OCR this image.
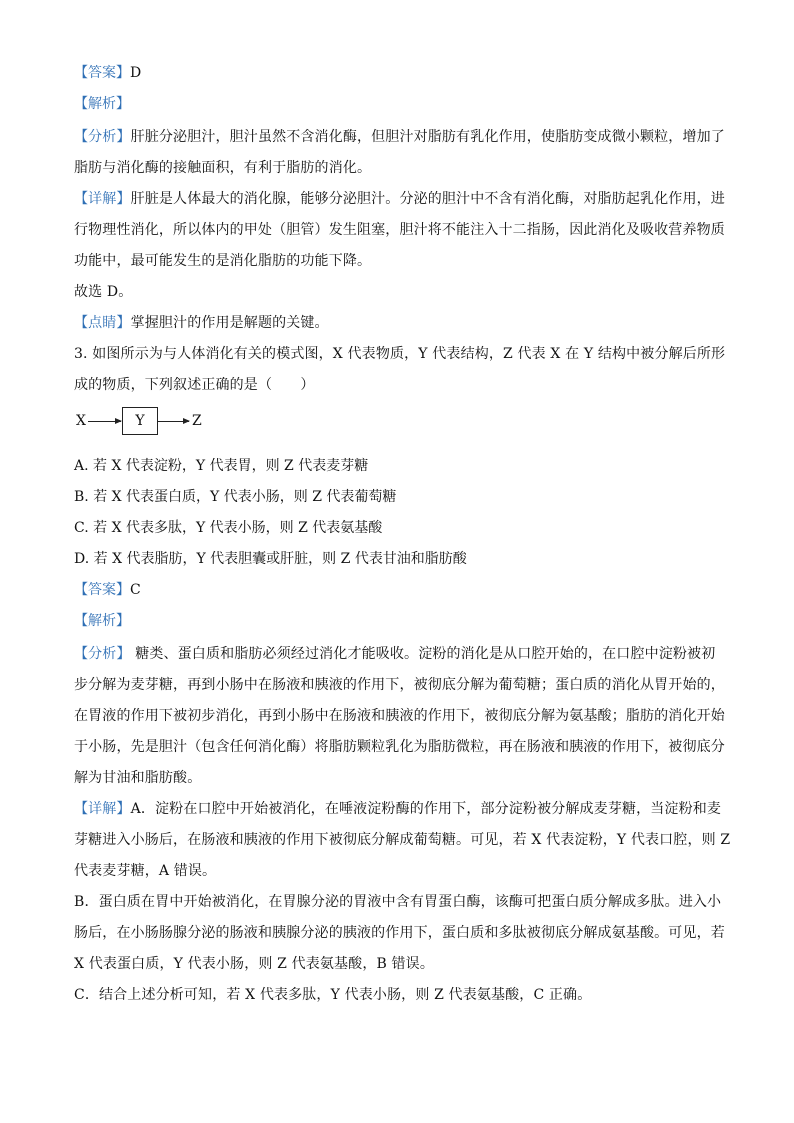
【答案】D
【解析】
【分析】肝脏分泌胆汁，胆汁虽然不含消化酶，但胆汁对脂肪有乳化作用，使脂肪变成微小颗粒，增加了
脂肪与消化酶的接触面积，有利于脂肪的消化。
【详解】肝脏是人体最大的消化腺，能够分泌胆汁。分泌的胆汁中不含有消化酶，对脂肪起乳化作用，进
行物理性消化，所以体内的甲处（胆管）发生阻塞，胆汁将不能注入十二指肠，因此消化及吸收营养物质
功能中，最可能发生的是消化脂肪的功能下降。
故选 D。
【点睛】掌握胆汁的作用是解题的关键。
3. 如图所示为与人体消化有关的模式图，X 代表物质，Y 代表结构，Z 代表 X 在 Y 结构中被分解后所形
成的物质，下列叙述正确的是（　　）
X	Y	Z
A. 若 X 代表淀粉，Y 代表胃，则 Z 代表麦芽糖
B. 若 X 代表蛋白质，Y 代表小肠，则 Z 代表葡萄糖
C. 若 X 代表多肽，Y 代表小肠，则 Z 代表氨基酸
D. 若 X 代表脂肪，Y 代表胆囊或肝脏，则 Z 代表甘油和脂肪酸
【答案】C
【解析】
【分析】 糖类、蛋白质和脂肪必须经过消化才能吸收。淀粉的消化是从口腔开始的，在口腔中淀粉被初
步分解为麦芽糖，再到小肠中在肠液和胰液的作用下，被彻底分解为葡萄糖；蛋白质的消化从胃开始的，
在胃液的作用下被初步消化，再到小肠中在肠液和胰液的作用下，被彻底分解为氨基酸；脂肪的消化开始
于小肠，先是胆汁（包含任何消化酶）将脂肪颗粒乳化为脂肪微粒，再在肠液和胰液的作用下，被彻底分
解为甘油和脂肪酸。
【详解】A．淀粉在口腔中开始被消化，在唾液淀粉酶的作用下，部分淀粉被分解成麦芽糖，当淀粉和麦
芽糖进入小肠后，在肠液和胰液的作用下被彻底分解成葡萄糖。可见，若 X 代表淀粉，Y 代表口腔，则 Z
代表麦芽糖，A 错误。
B．蛋白质在胃中开始被消化，在胃腺分泌的胃液中含有胃蛋白酶，该酶可把蛋白质分解成多肽。进入小
肠后，在小肠肠腺分泌的肠液和胰腺分泌的胰液的作用下，蛋白质和多肽被彻底分解成氨基酸。可见，若
X 代表蛋白质，Y 代表小肠，则 Z 代表氨基酸，B 错误。
C．结合上述分析可知，若 X 代表多肽，Y 代表小肠，则 Z 代表氨基酸，C 正确。
